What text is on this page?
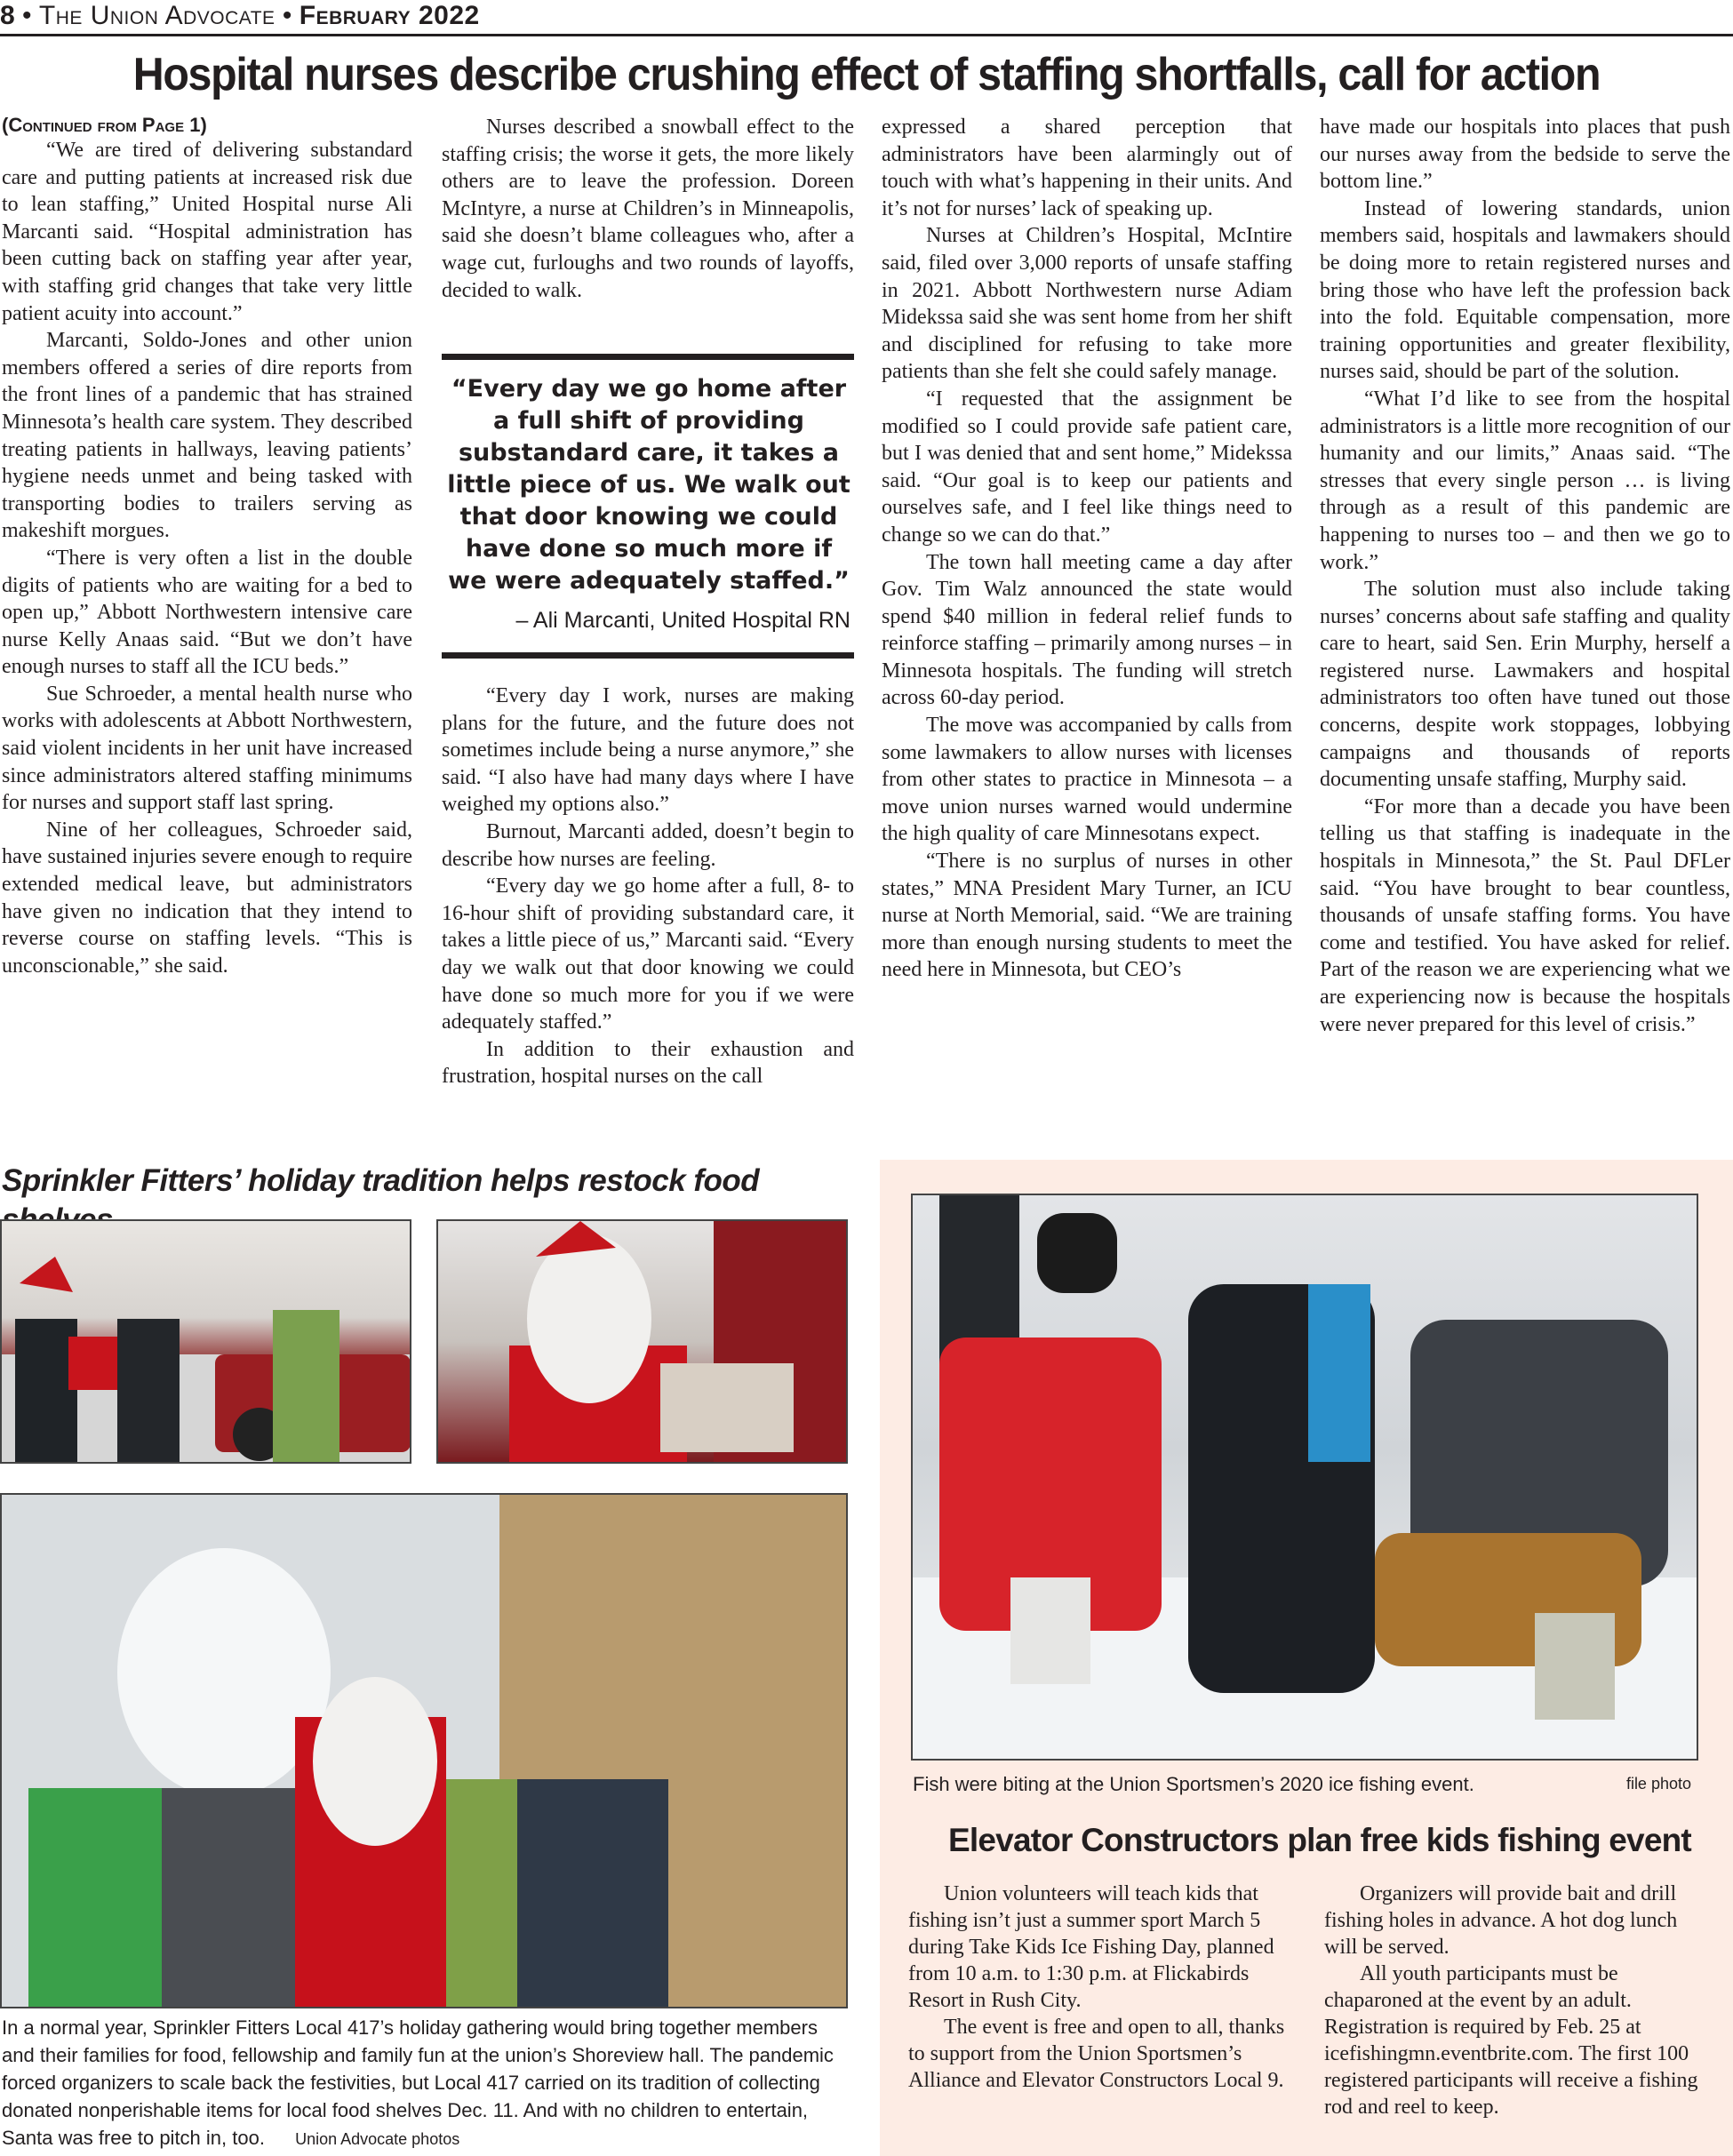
8 • The Union Advocate • February 2022
Hospital nurses describe crushing effect of staffing shortfalls, call for action
(Continued from Page 1)

“We are tired of delivering substandard care and putting patients at increased risk due to lean staffing,” United Hospital nurse Ali Marcanti said. “Hospital administration has been cutting back on staffing year after year, with staffing grid changes that take very little patient acuity into account.”

Marcanti, Soldo-Jones and other union members offered a series of dire reports from the front lines of a pandemic that has strained Minnesota’s health care system. They described treating patients in hallways, leaving patients’ hygiene needs unmet and being tasked with transporting bodies to trailers serving as makeshift morgues.

“There is very often a list in the double digits of patients who are waiting for a bed to open up,” Abbott Northwestern intensive care nurse Kelly Anaas said. “But we don’t have enough nurses to staff all the ICU beds.”

Sue Schroeder, a mental health nurse who works with adolescents at Abbott Northwestern, said violent incidents in her unit have increased since administrators altered staffing minimums for nurses and support staff last spring.

Nine of her colleagues, Schroeder said, have sustained injuries severe enough to require extended medical leave, but administrators have given no indication that they intend to reverse course on staffing levels. “This is unconscionable,” she said.

Nurses described a snowball effect to the staffing crisis; the worse it gets, the more likely others are to leave the profession. Doreen McIntyre, a nurse at Children’s in Minneapolis, said she doesn’t blame colleagues who, after a wage cut, furloughs and two rounds of layoffs, decided to walk.

“Every day we go home after a full shift of providing substandard care, it takes a little piece of us. We walk out that door knowing we could have done so much more if we were adequately staffed.”
– Ali Marcanti, United Hospital RN

“Every day I work, nurses are making plans for the future, and the future does not sometimes include being a nurse anymore,” she said. “I also have had many days where I have weighed my options also.”

Burnout, Marcanti added, doesn’t begin to describe how nurses are feeling.

“Every day we go home after a full, 8- to 16-hour shift of providing substandard care, it takes a little piece of us,” Marcanti said. “Every day we walk out that door knowing we could have done so much more for you if we were adequately staffed.”

In addition to their exhaustion and frustration, hospital nurses on the call

expressed a shared perception that administrators have been alarmingly out of touch with what’s happening in their units. And it’s not for nurses’ lack of speaking up.

Nurses at Children’s Hospital, McIntire said, filed over 3,000 reports of unsafe staffing in 2021. Abbott Northwestern nurse Adiam Midekssa said she was sent home from her shift and disciplined for refusing to take more patients than she felt she could safely manage.

“I requested that the assignment be modified so I could provide safe patient care, but I was denied that and sent home,” Midekssa said. “Our goal is to keep our patients and ourselves safe, and I feel like things need to change so we can do that.”

The town hall meeting came a day after Gov. Tim Walz announced the state would spend $40 million in federal relief funds to reinforce staffing – primarily among nurses – in Minnesota hospitals. The funding will stretch across 60-day period.

The move was accompanied by calls from some lawmakers to allow nurses with licenses from other states to practice in Minnesota – a move union nurses warned would undermine the high quality of care Minnesotans expect.

“There is no surplus of nurses in other states,” MNA President Mary Turner, an ICU nurse at North Memorial, said. “We are training more than enough nursing students to meet the need here in Minnesota, but CEO’s

have made our hospitals into places that push our nurses away from the bedside to serve the bottom line.”

Instead of lowering standards, union members said, hospitals and lawmakers should be doing more to retain registered nurses and bring those who have left the profession back into the fold. Equitable compensation, more training opportunities and greater flexibility, nurses said, should be part of the solution.

“What I’d like to see from the hospital administrators is a little more recognition of our humanity and our limits,” Anaas said. “The stresses that every single person … is living through as a result of this pandemic are happening to nurses too – and then we go to work.”

The solution must also include taking nurses’ concerns about safe staffing and quality care to heart, said Sen. Erin Murphy, herself a registered nurse. Lawmakers and hospital administrators too often have tuned out those concerns, despite work stoppages, lobbying campaigns and thousands of reports documenting unsafe staffing, Murphy said.

“For more than a decade you have been telling us that staffing is inadequate in the hospitals in Minnesota,” the St. Paul DFLer said. “You have brought to bear countless, thousands of unsafe staffing forms. You have come and testified. You have asked for relief. Part of the reason we are experiencing what we are experiencing now is because the hospitals were never prepared for this level of crisis.”

Sprinkler Fitters’ holiday tradition helps restock food
In a normal year, Sprinkler Fitters Local 417’s holiday gathering would bring together members and their families for food, fellowship and family fun at the union’s Shoreview hall. The pandemic forced organizers to scale back the festivities, but Local 417 carried on its tradition of collecting donated nonperishable items for local food shelves Dec. 11. And with no children to entertain, Santa was free to pitch in, too. Union Advocate photos
Fish were biting at the Union Sportsmen’s 2020 ice fishing event.	file photo
Elevator Constructors plan free kids fishing event

Union volunteers will teach kids that fishing isn’t just a summer sport March 5 during Take Kids Ice Fishing Day, planned from 10 a.m. to 1:30 p.m. at Flickabirds Resort in Rush City.

The event is free and open to all, thanks to support from the Union Sportsmen’s Alliance and Elevator Constructors Local 9.

Organizers will provide bait and drill fishing holes in advance. A hot dog lunch will be served.

All youth participants must be chaparoned at the event by an adult. Registration is required by Feb. 25 at icefishingmn.eventbrite.com. The first 100 registered participants will receive a fishing rod and reel to keep.
